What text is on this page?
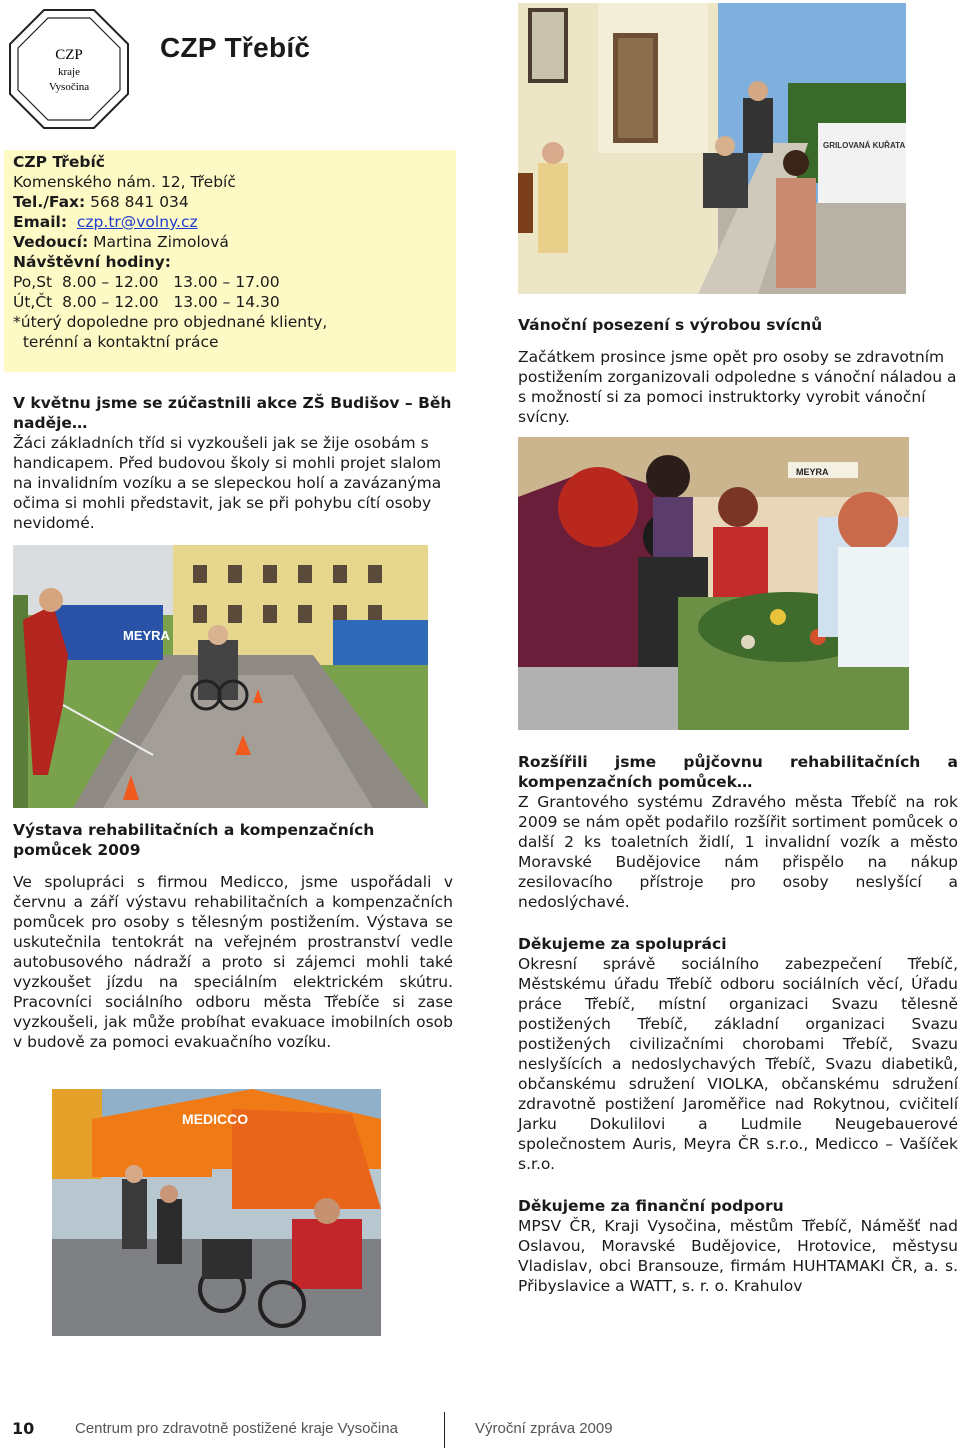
CZP
kraje
Vysočina
CZP Třebíč
CZP Třebíč
Komenského nám. 12, Třebíč
Tel./Fax: 568 841 034
Email: czp.tr@volny.cz
Vedoucí: Martina Zimolová
Návštěvní hodiny:
Po,St  8.00 – 12.00   13.00 – 17.00
Út,Čt  8.00 – 12.00   13.00 – 14.30
*úterý dopoledne pro objednané klienty,
terénní a kontaktní práce
V květnu jsme se zúčastnili akce ZŠ Budišov – Běh naděje…
Žáci základních tříd si vyzkoušeli jak se žije osobám s handicapem. Před budovou školy si mohli projet slalom na invalidním vozíku a se slepeckou holí a zavázanýma očima si mohli představit, jak se při pohybu cítí osoby nevidomé.
MEYRA
Výstava rehabilitačních a kompenzačních pomůcek 2009
Ve spolupráci s firmou Medicco, jsme uspořádali v červnu a září výstavu rehabilitačních a kompenzačních pomůcek pro osoby s tělesným postižením. Výstava se uskutečnila tentokrát na veřejném prostranství vedle autobusového nádraží a proto si zájemci mohli také vyzkoušet jízdu na speciálním elektrickém skútru. Pracovníci sociálního odboru města Třebíče si zase vyzkoušeli, jak může probíhat evakuace imobilních osob v budově za pomoci evakuačního vozíku.
MEDICCO
GRILOVANÁ KUŘATA
Vánoční posezení s výrobou svícnů
Začátkem prosince jsme opět pro osoby se zdravotním postižením zorganizovali odpoledne s vánoční náladou a s možností si za pomoci instruktorky vyrobit vánoční svícny.
MEYRA
Rozšířili jsme půjčovnu rehabilitačních a kompenzačních pomůcek…
Z Grantového systému Zdravého města Třebíč na rok 2009 se nám opět podařilo rozšířit sortiment pomůcek o další 2 ks toaletních židlí, 1 invalidní vozík a město Moravské Budějovice nám přispělo na nákup zesilovacího přístroje pro osoby neslyšící a nedoslýchavé.
Děkujeme za spolupráci
Okresní správě sociálního zabezpečení Třebíč, Městskému úřadu Třebíč odboru sociálních věcí, Úřadu práce Třebíč, místní organizaci Svazu tělesně postižených Třebíč, základní organizaci Svazu postižených civilizačními chorobami Třebíč, Svazu neslyšících a nedoslychavých Třebíč, Svazu diabetiků, občanskému sdružení VIOLKA, občanskému sdružení zdravotně postižení Jaroměřice nad Rokytnou, cvičitelí Jarku Dokulilovi a Ludmile Neugebauerové společnostem Auris, Meyra ČR s.r.o., Medicco – Vašíček s.r.o.
Děkujeme za finanční podporu
MPSV ČR, Kraji Vysočina, městům Třebíč, Náměšť nad Oslavou, Moravské Budějovice, Hrotovice, městysu Vladislav, obci Bransouze, firmám HUHTAMAKI ČR, a. s. Přibyslavice a WATT, s. r. o. Krahulov
10	Centrum pro zdravotně postižené kraje Vysočina	Výroční zpráva 2009
